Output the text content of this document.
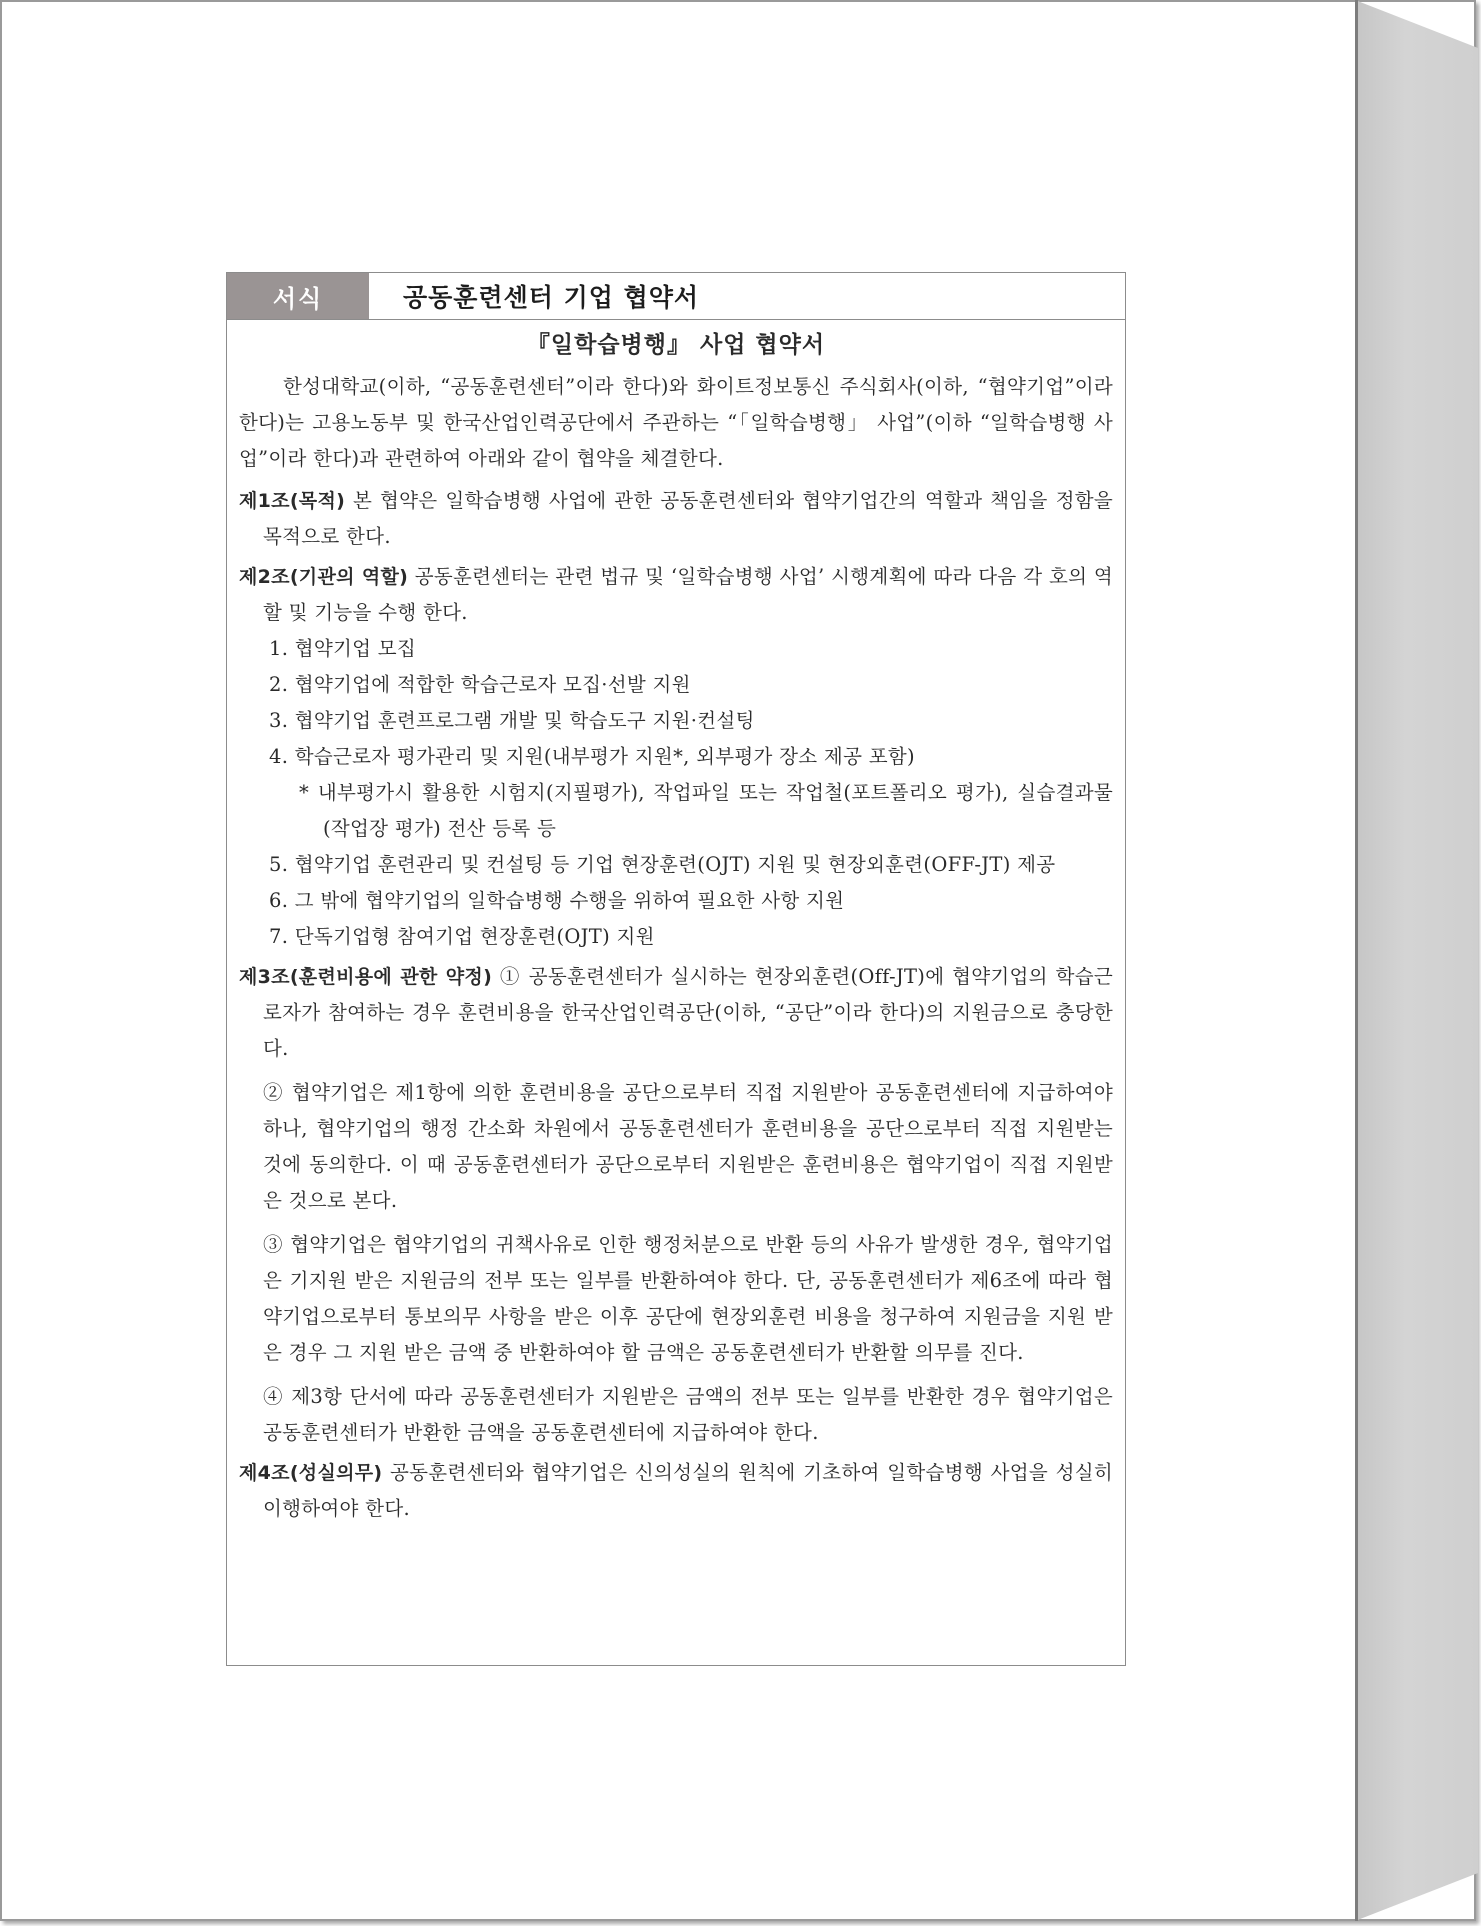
서식	공동훈련센터 기업 협약서
『일학습병행』 사업 협약서

한성대학교(이하, “공동훈련센터”이라 한다)와 화이트정보통신 주식회사(이하, “협약기업”이라 한다)는 고용노동부 및 한국산업인력공단에서 주관하는 “「일학습병행」 사업”(이하 “일학습병행 사업”이라 한다)과 관련하여 아래와 같이 협약을 체결한다.

제1조(목적) 본 협약은 일학습병행 사업에 관한 공동훈련센터와 협약기업간의 역할과 책임을 정함을 목적으로 한다.

제2조(기관의 역할) 공동훈련센터는 관련 법규 및 ‘일학습병행 사업’ 시행계획에 따라 다음 각 호의 역할 및 기능을 수행 한다.

1. 협약기업 모집
2. 협약기업에 적합한 학습근로자 모집·선발 지원
3. 협약기업 훈련프로그램 개발 및 학습도구 지원·컨설팅
4. 학습근로자 평가관리 및 지원(내부평가 지원*, 외부평가 장소 제공 포함)
* 내부평가시 활용한 시험지(지필평가), 작업파일 또는 작업철(포트폴리오 평가), 실습결과물(작업장 평가) 전산 등록 등
5. 협약기업 훈련관리 및 컨설팅 등 기업 현장훈련(OJT) 지원 및 현장외훈련(OFF-JT) 제공
6. 그 밖에 협약기업의 일학습병행 수행을 위하여 필요한 사항 지원
7. 단독기업형 참여기업 현장훈련(OJT) 지원

제3조(훈련비용에 관한 약정) ① 공동훈련센터가 실시하는 현장외훈련(Off-JT)에 협약기업의 학습근로자가 참여하는 경우 훈련비용을 한국산업인력공단(이하, “공단”이라 한다)의 지원금으로 충당한다.

② 협약기업은 제1항에 의한 훈련비용을 공단으로부터 직접 지원받아 공동훈련센터에 지급하여야 하나, 협약기업의 행정 간소화 차원에서 공동훈련센터가 훈련비용을 공단으로부터 직접 지원받는 것에 동의한다. 이 때 공동훈련센터가 공단으로부터 지원받은 훈련비용은 협약기업이 직접 지원받은 것으로 본다.

③ 협약기업은 협약기업의 귀책사유로 인한 행정처분으로 반환 등의 사유가 발생한 경우, 협약기업은 기지원 받은 지원금의 전부 또는 일부를 반환하여야 한다. 단, 공동훈련센터가 제6조에 따라 협약기업으로부터 통보의무 사항을 받은 이후 공단에 현장외훈련 비용을 청구하여 지원금을 지원 받은 경우 그 지원 받은 금액 중 반환하여야 할 금액은 공동훈련센터가 반환할 의무를 진다.

④ 제3항 단서에 따라 공동훈련센터가 지원받은 금액의 전부 또는 일부를 반환한 경우 협약기업은 공동훈련센터가 반환한 금액을 공동훈련센터에 지급하여야 한다.

제4조(성실의무) 공동훈련센터와 협약기업은 신의성실의 원칙에 기초하여 일학습병행 사업을 성실히 이행하여야 한다.
